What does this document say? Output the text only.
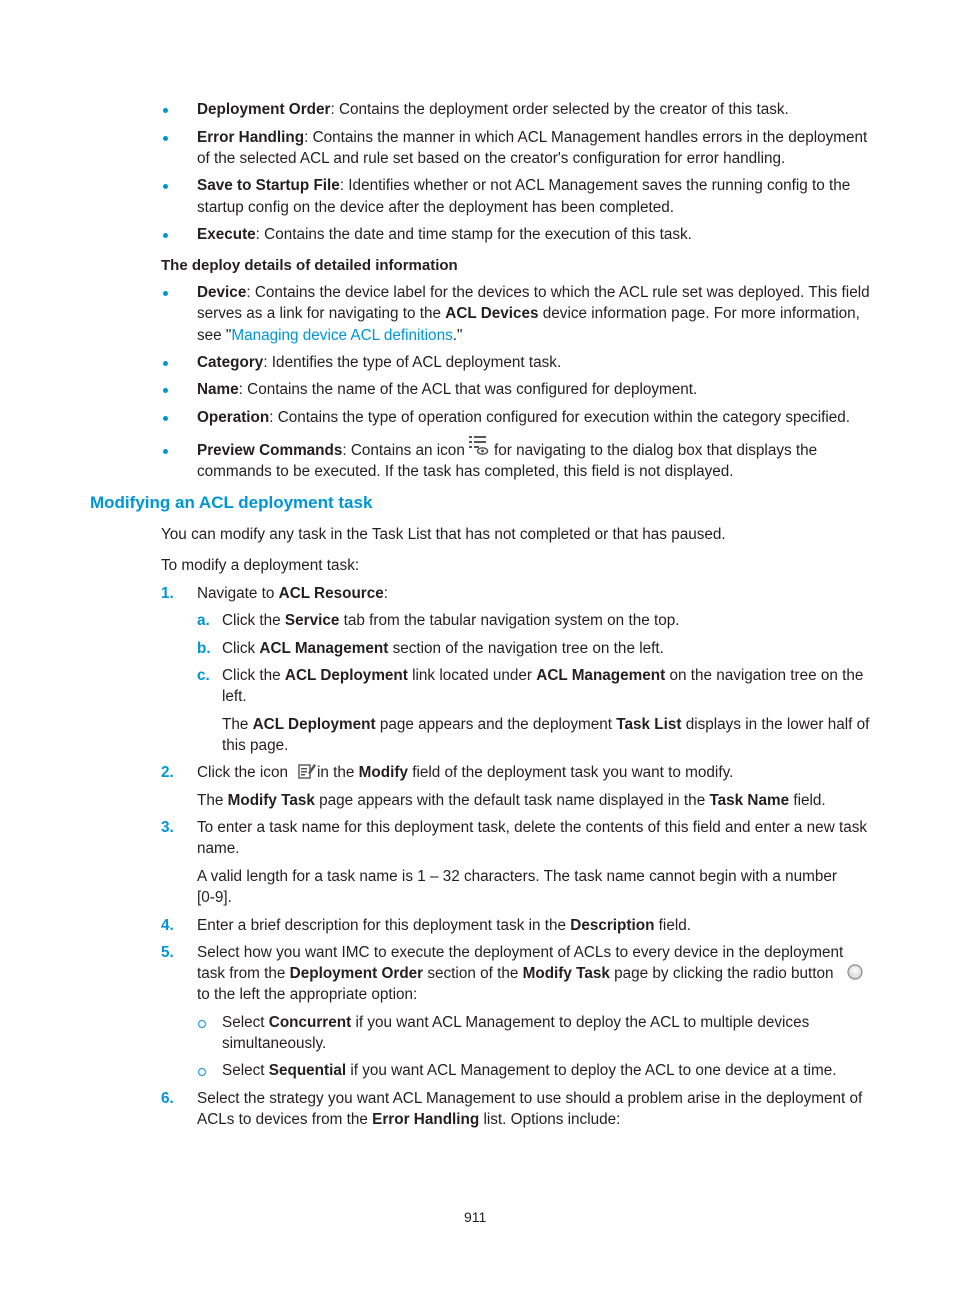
Deployment Order: Contains the deployment order selected by the creator of this task.
Error Handling: Contains the manner in which ACL Management handles errors in the deployment
of the selected ACL and rule set based on the creator's configuration for error handling.
Save to Startup File: Identifies whether or not ACL Management saves the running config to the
startup config on the device after the deployment has been completed.
Execute: Contains the date and time stamp for the execution of this task.
The deploy details of detailed information
Device: Contains the device label for the devices to which the ACL rule set was deployed. This field
serves as a link for navigating to the ACL Devices device information page. For more information,
see "Managing device ACL definitions."
Category: Identifies the type of ACL deployment task.
Name: Contains the name of the ACL that was configured for deployment.
Operation: Contains the type of operation configured for execution within the category specified.
Preview Commands: Contains an icon for navigating to the dialog box that displays the
commands to be executed. If the task has completed, this field is not displayed.
Modifying an ACL deployment task
You can modify any task in the Task List that has not completed or that has paused.
To modify a deployment task:
1. Navigate to ACL Resource:
a. Click the Service tab from the tabular navigation system on the top.
b. Click ACL Management section of the navigation tree on the left.
c. Click the ACL Deployment link located under ACL Management on the navigation tree on the
left.
The ACL Deployment page appears and the deployment Task List displays in the lower half of
this page.
2. Click the icon in the Modify field of the deployment task you want to modify.
The Modify Task page appears with the default task name displayed in the Task Name field.
3. To enter a task name for this deployment task, delete the contents of this field and enter a new task
name.
A valid length for a task name is 1 – 32 characters. The task name cannot begin with a number
[0-9].
4. Enter a brief description for this deployment task in the Description field.
5. Select how you want IMC to execute the deployment of ACLs to every device in the deployment
task from the Deployment Order section of the Modify Task page by clicking the radio button
to the left the appropriate option:
Select Concurrent if you want ACL Management to deploy the ACL to multiple devices
simultaneously.
Select Sequential if you want ACL Management to deploy the ACL to one device at a time.
6. Select the strategy you want ACL Management to use should a problem arise in the deployment of
ACLs to devices from the Error Handling list. Options include:
911
